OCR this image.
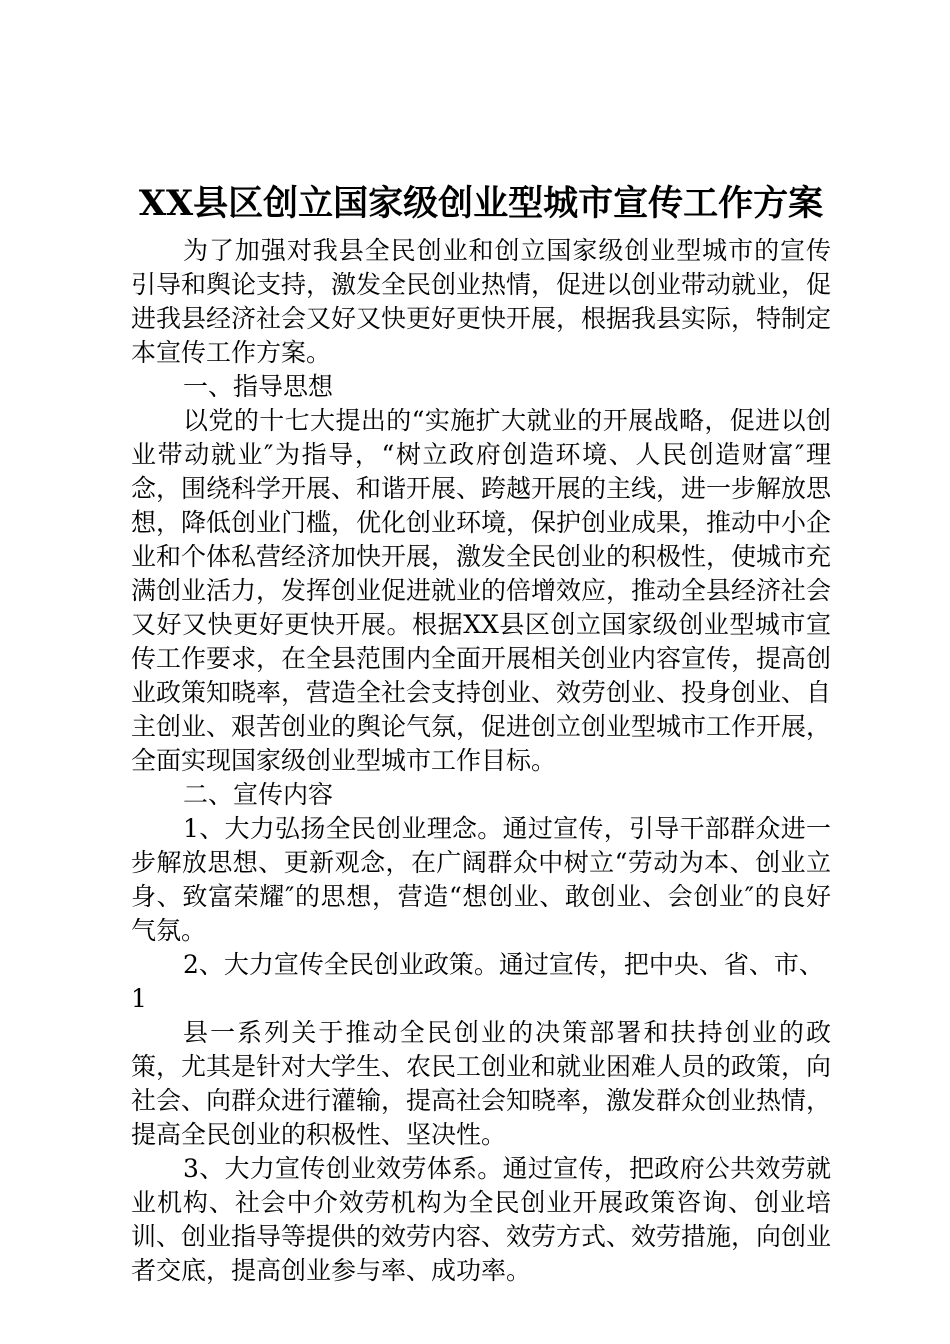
XX县区创立国家级创业型城市宣传工作方案

为了加强对我县全民创业和创立国家级创业型城市的宣传引导和舆论支持，激发全民创业热情，促进以创业带动就业，促进我县经济社会又好又快更好更快开展，根据我县实际，特制定本宣传工作方案。

一、指导思想

以党的十七大提出的“实施扩大就业的开展战略，促进以创业带动就业″为指导，“树立政府创造环境、人民创造财富″理念，围绕科学开展、和谐开展、跨越开展的主线，进一步解放思想，降低创业门槛，优化创业环境，保护创业成果，推动中小企业和个体私营经济加快开展，激发全民创业的积极性，使城市充满创业活力，发挥创业促进就业的倍增效应，推动全县经济社会又好又快更好更快开展。根据XX县区创立国家级创业型城市宣传工作要求，在全县范围内全面开展相关创业内容宣传，提高创业政策知晓率，营造全社会支持创业、效劳创业、投身创业、自主创业、艰苦创业的舆论气氛，促进创立创业型城市工作开展，全面实现国家级创业型城市工作目标。

二、宣传内容

1、大力弘扬全民创业理念。通过宣传，引导干部群众进一步解放思想、更新观念，在广阔群众中树立“劳动为本、创业立身、致富荣耀″的思想，营造“想创业、敢创业、会创业″的良好气氛。

2、大力宣传全民创业政策。通过宣传，把中央、省、市、

1

县一系列关于推动全民创业的决策部署和扶持创业的政策，尤其是针对大学生、农民工创业和就业困难人员的政策，向社会、向群众进行灌输，提高社会知晓率，激发群众创业热情，提高全民创业的积极性、坚决性。

3、大力宣传创业效劳体系。通过宣传，把政府公共效劳就业机构、社会中介效劳机构为全民创业开展政策咨询、创业培训、创业指导等提供的效劳内容、效劳方式、效劳措施，向创业者交底，提高创业参与率、成功率。
